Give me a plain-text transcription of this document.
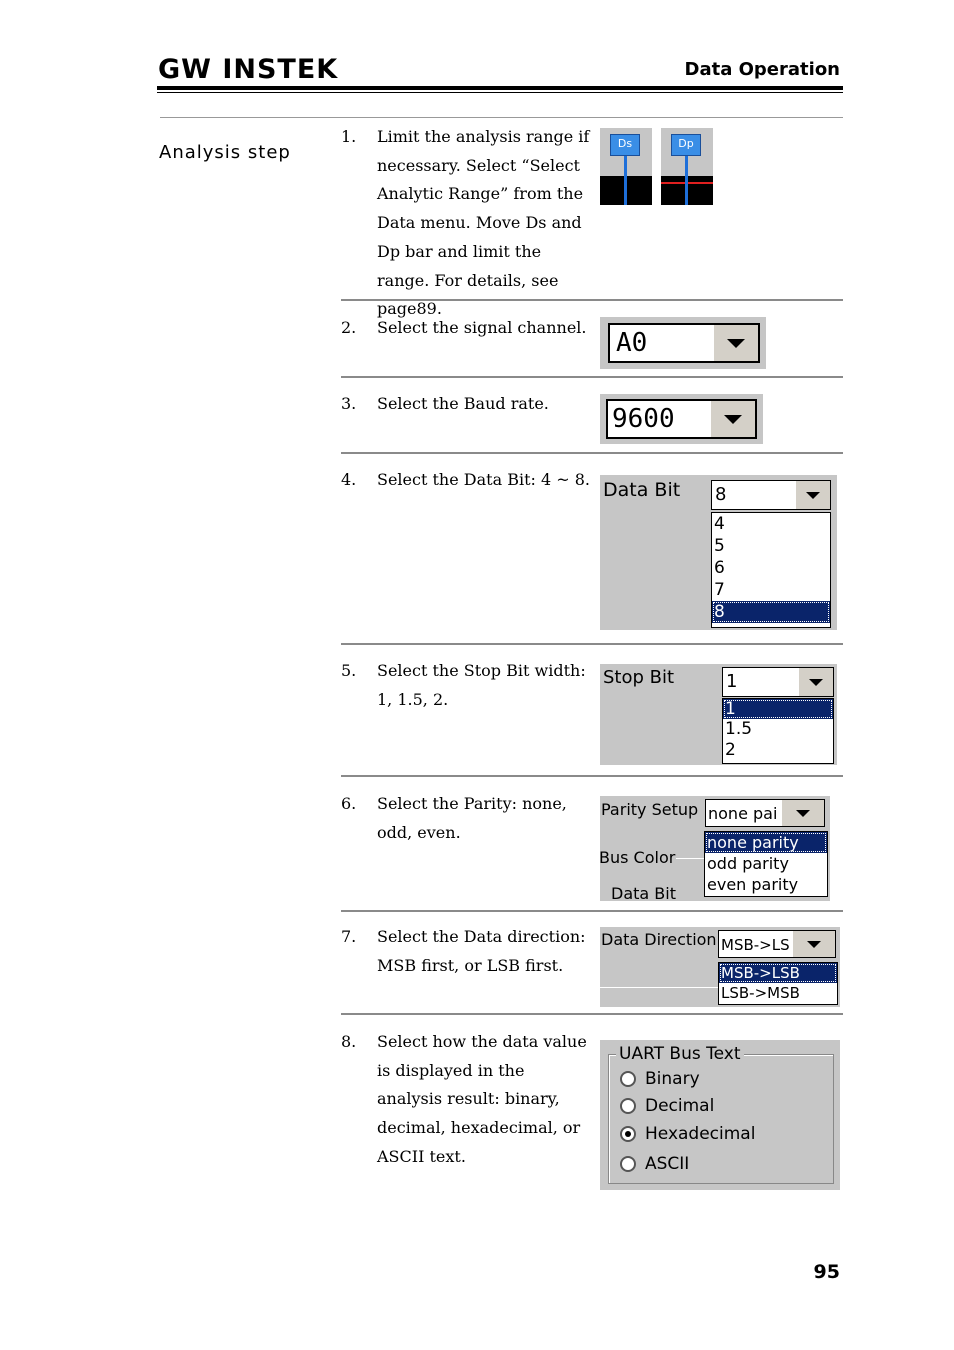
GW INSTEK	Data Operation
Analysis step
1. Limit the analysis range if necessary. Select “Select Analytic Range” from the Data menu. Move Ds and Dp bar and limit the range. For details, see page89.
2. Select the signal channel.
3. Select the Baud rate.
4. Select the Data Bit: 4 ~ 8.
5. Select the Stop Bit width: 1, 1.5, 2.
6. Select the Parity: none, odd, even.
7. Select the Data direction: MSB first, or LSB first.
8. Select how the data value is displayed in the analysis result: binary, decimal, hexadecimal, or ASCII text.
Ds	Dp
A0
9600
Data Bit 8
4
5
6
7
8
Stop Bit	1
1
1.5
2
Parity Setup
Bus Color
Data Bit
none pai
none parity
odd parity
even parity
Data Direction MSB->LS
MSB->LSB
LSB->MSB
UART Bus Text
Binary
Decimal
Hexadecimal
ASCII
95
